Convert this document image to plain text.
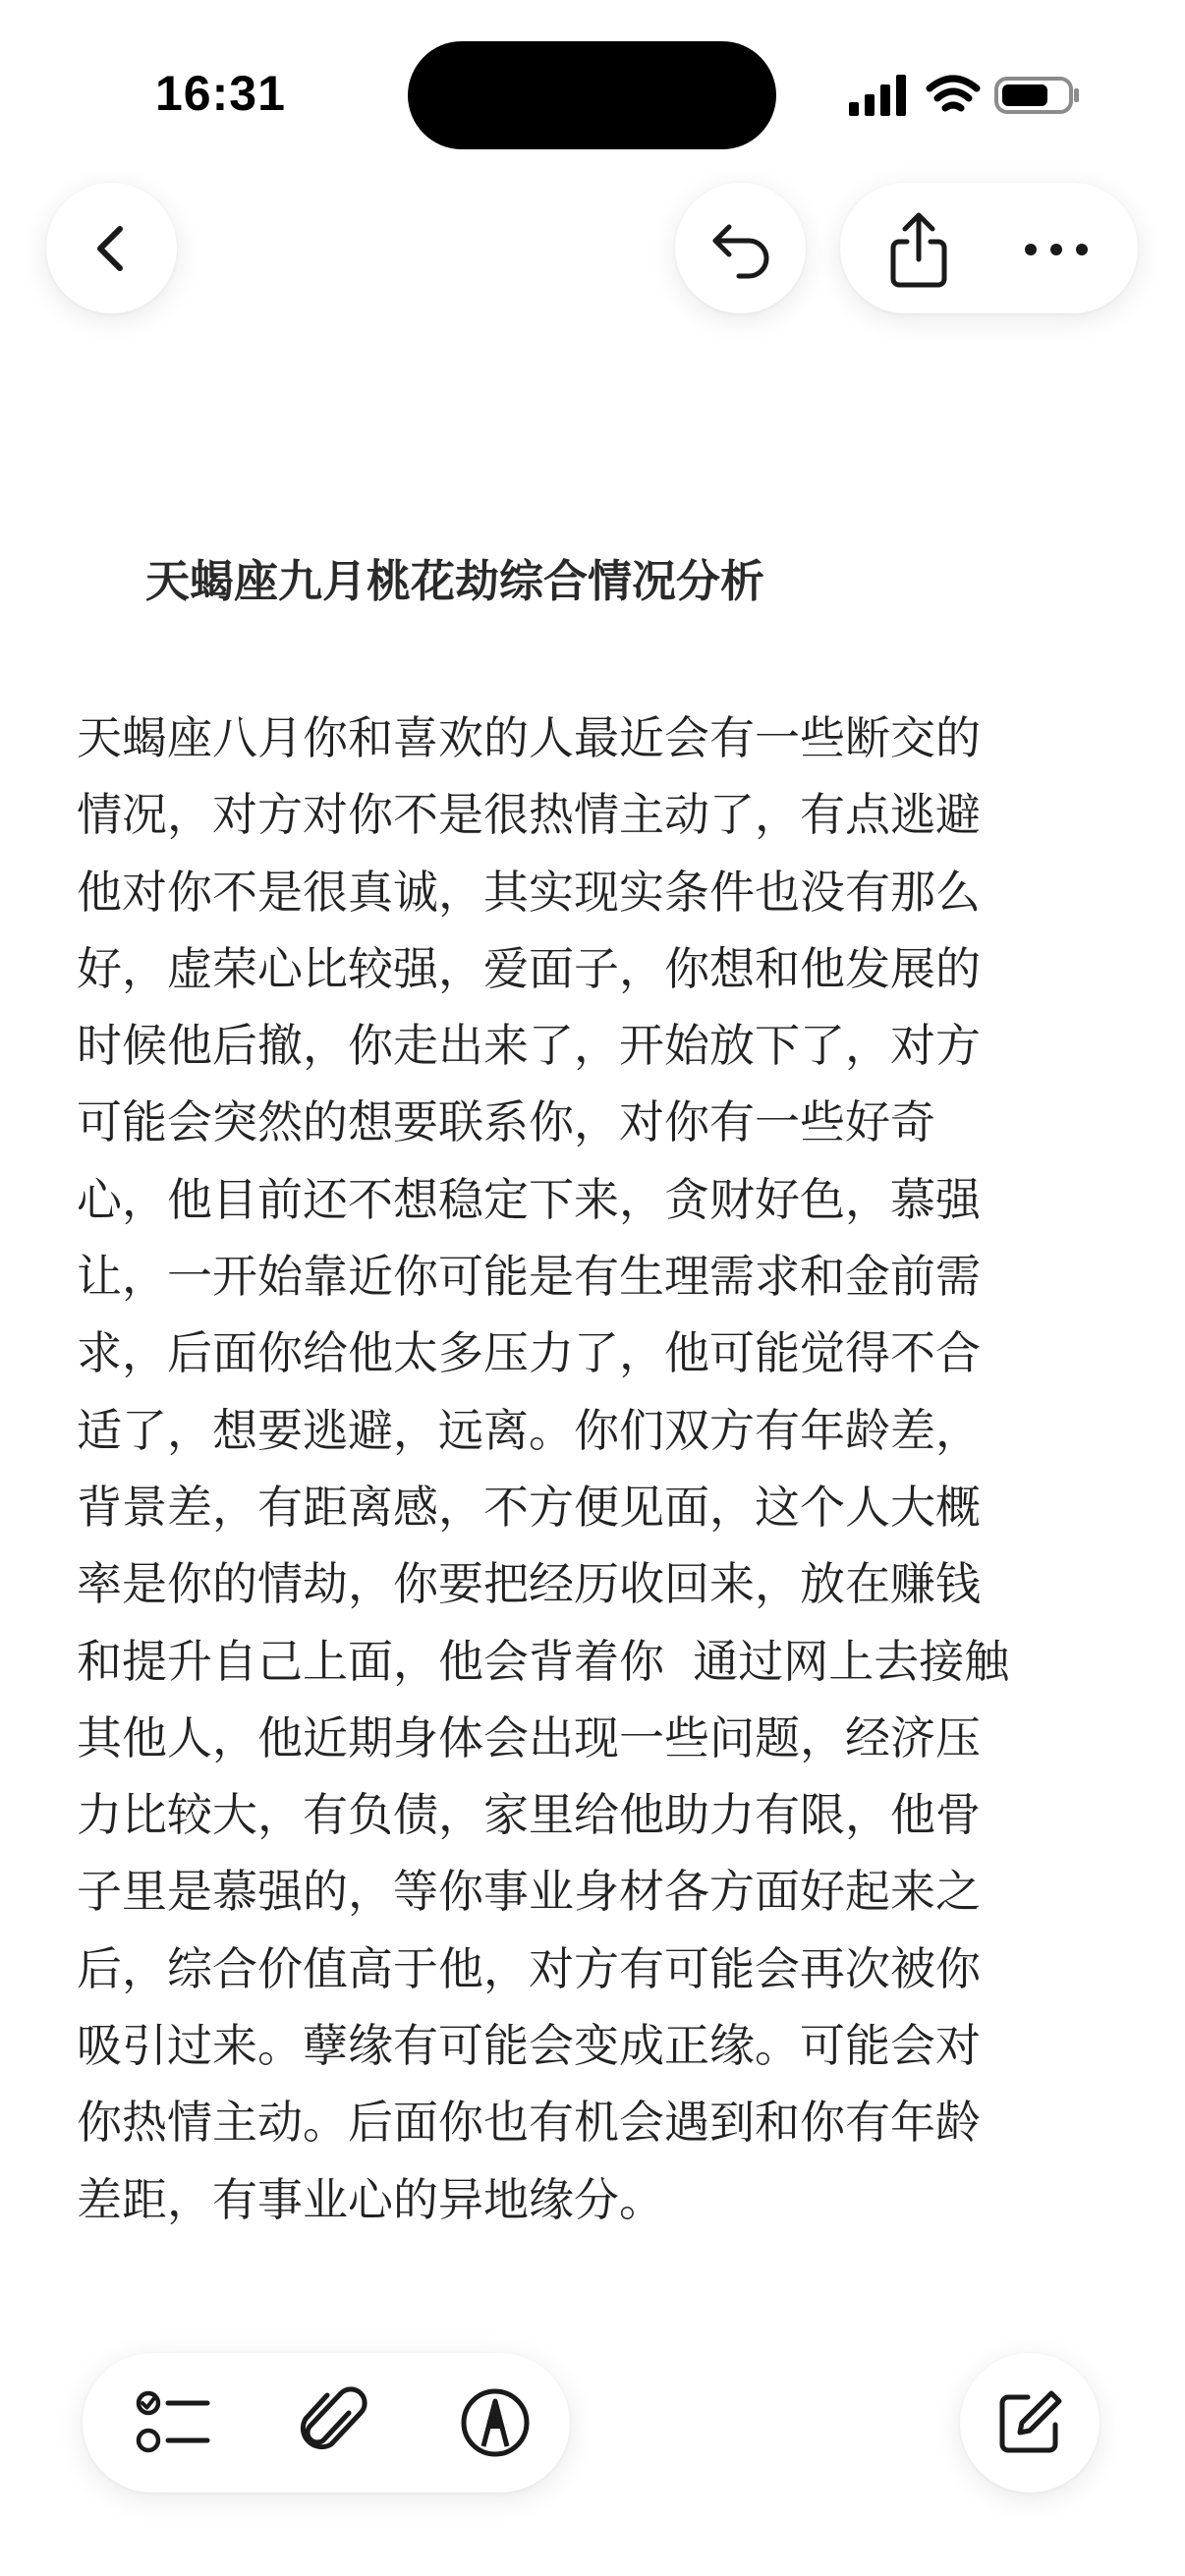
16:31
天蝎座九月桃花劫综合情况分析
天蝎座八月你和喜欢的人最近会有一些断交的
情况，对方对你不是很热情主动了，有点逃避
他对你不是很真诚，其实现实条件也没有那么
好，虚荣心比较强，爱面子，你想和他发展的
时候他后撤，你走出来了，开始放下了，对方
可能会突然的想要联系你，对你有一些好奇
心，他目前还不想稳定下来，贪财好色，慕强
让，一开始靠近你可能是有生理需求和金前需
求，后面你给他太多压力了，他可能觉得不合
适了，想要逃避，远离。你们双方有年龄差，
背景差，有距离感，不方便见面，这个人大概
率是你的情劫，你要把经历收回来，放在赚钱
和提升自己上面，他会背着你  通过网上去接触
其他人，他近期身体会出现一些问题，经济压
力比较大，有负债，家里给他助力有限，他骨
子里是慕强的，等你事业身材各方面好起来之
后，综合价值高于他，对方有可能会再次被你
吸引过来。孽缘有可能会变成正缘。可能会对
你热情主动。后面你也有机会遇到和你有年龄
差距，有事业心的异地缘分。
